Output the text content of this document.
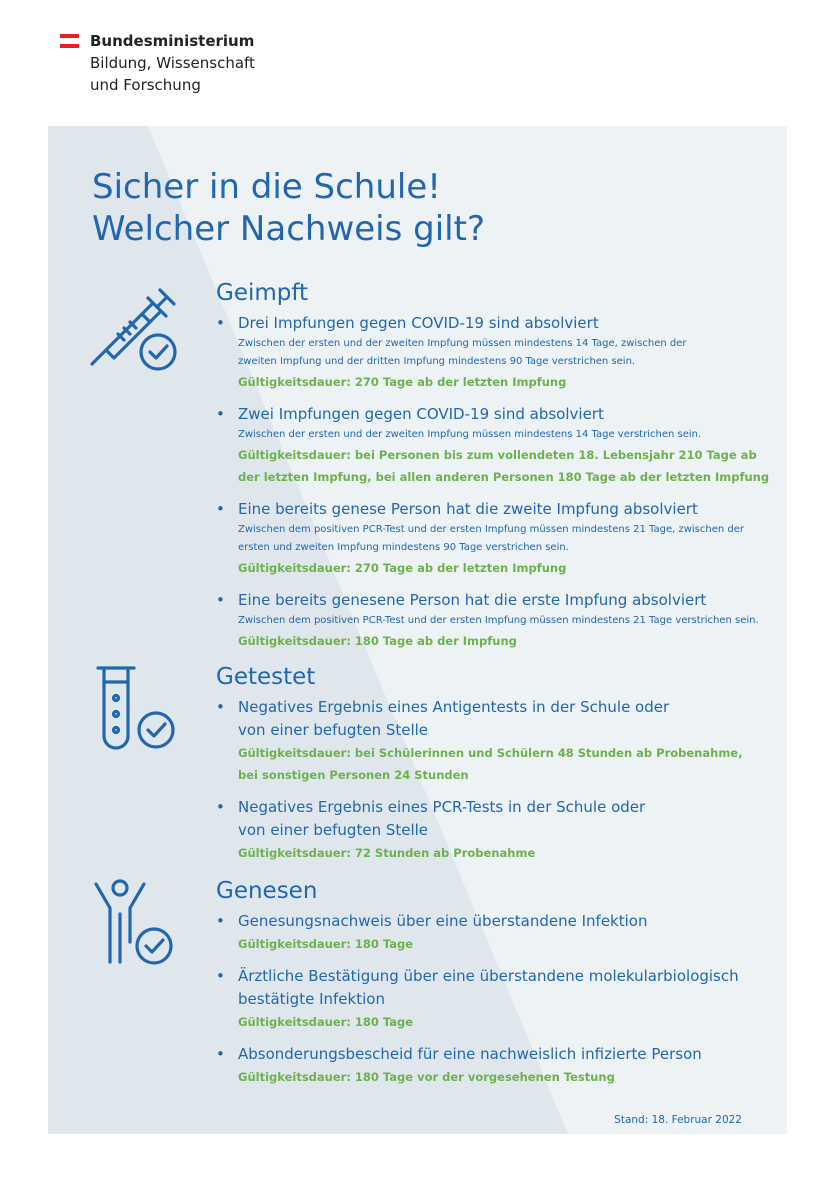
Bundesministerium
Bildung, Wissenschaft
und Forschung
Sicher in die Schule!
Welcher Nachweis gilt?
Geimpft
• Drei Impfungen gegen COVID-19 sind absolviert
Zwischen der ersten und der zweiten Impfung müssen mindestens 14 Tage, zwischen der
zweiten Impfung und der dritten Impfung mindestens 90 Tage verstrichen sein.
Gültigkeitsdauer: 270 Tage ab der letzten Impfung
• Zwei Impfungen gegen COVID-19 sind absolviert
Zwischen der ersten und der zweiten Impfung müssen mindestens 14 Tage verstrichen sein.
Gültigkeitsdauer: bei Personen bis zum vollendeten 18. Lebensjahr 210 Tage ab
der letzten Impfung, bei allen anderen Personen 180 Tage ab der letzten Impfung
• Eine bereits genese Person hat die zweite Impfung absolviert
Zwischen dem positiven PCR-Test und der ersten Impfung müssen mindestens 21 Tage, zwischen der
ersten und zweiten Impfung mindestens 90 Tage verstrichen sein.
Gültigkeitsdauer: 270 Tage ab der letzten Impfung
• Eine bereits genesene Person hat die erste Impfung absolviert
Zwischen dem positiven PCR-Test und der ersten Impfung müssen mindestens 21 Tage verstrichen sein.
Gültigkeitsdauer: 180 Tage ab der Impfung
Getestet
• Negatives Ergebnis eines Antigentests in der Schule oder
von einer befugten Stelle
Gültigkeitsdauer: bei Schülerinnen und Schülern 48 Stunden ab Probenahme,
bei sonstigen Personen 24 Stunden
• Negatives Ergebnis eines PCR-Tests in der Schule oder
von einer befugten Stelle
Gültigkeitsdauer: 72 Stunden ab Probenahme
Genesen
• Genesungsnachweis über eine überstandene Infektion
Gültigkeitsdauer: 180 Tage
• Ärztliche Bestätigung über eine überstandene molekularbiologisch
bestätigte Infektion
Gültigkeitsdauer: 180 Tage
• Absonderungsbescheid für eine nachweislich infizierte Person
Gültigkeitsdauer: 180 Tage vor der vorgesehenen Testung
Stand: 18. Februar 2022
